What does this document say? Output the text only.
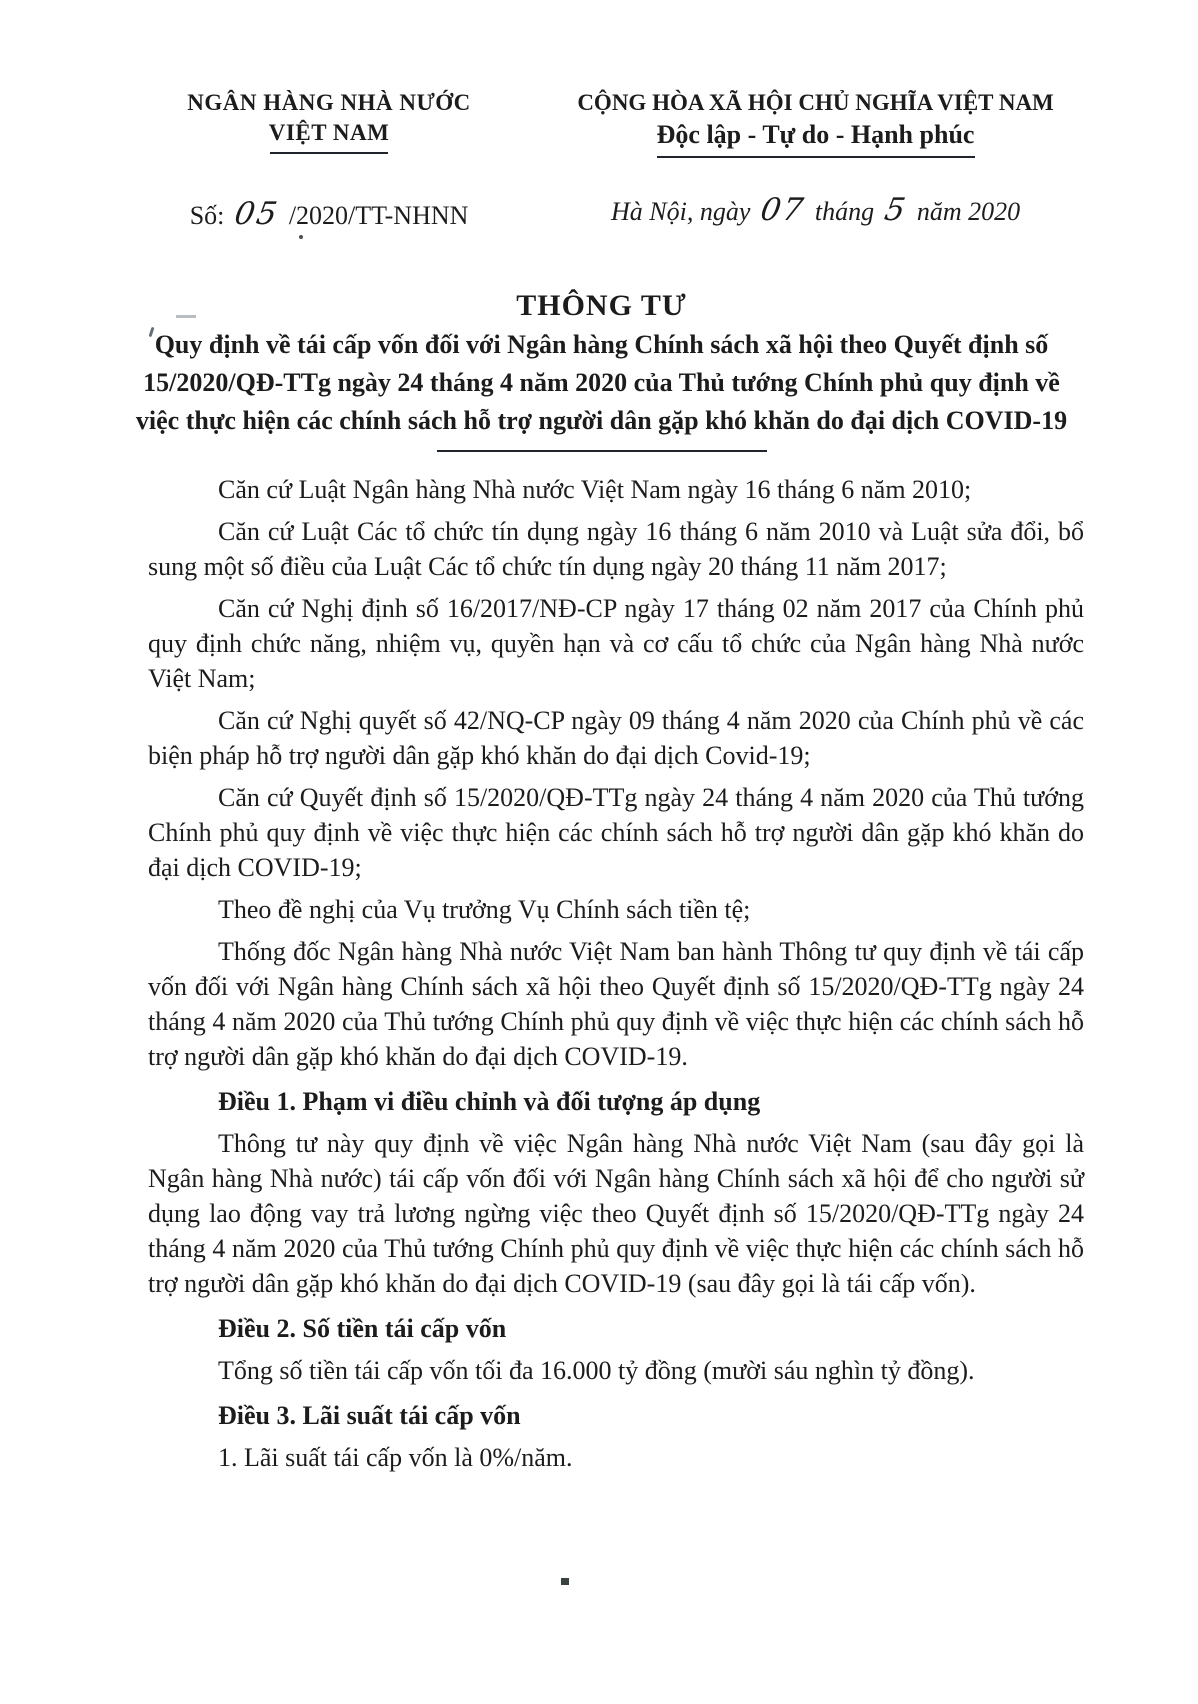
NGÂN HÀNG NHÀ NƯỚC
VIỆT NAM
Số: 05 /2020/TT-NHNN
CỘNG HÒA XÃ HỘI CHỦ NGHĨA VIỆT NAM
Độc lập - Tự do - Hạnh phúc
Hà Nội, ngày 07 tháng 5 năm 2020
THÔNG TƯ
Quy định về tái cấp vốn đối với Ngân hàng Chính sách xã hội theo Quyết định số 15/2020/QĐ-TTg ngày 24 tháng 4 năm 2020 của Thủ tướng Chính phủ quy định về việc thực hiện các chính sách hỗ trợ người dân gặp khó khăn do đại dịch COVID-19

Căn cứ Luật Ngân hàng Nhà nước Việt Nam ngày 16 tháng 6 năm 2010;

Căn cứ Luật Các tổ chức tín dụng ngày 16 tháng 6 năm 2010 và Luật sửa đổi, bổ sung một số điều của Luật Các tổ chức tín dụng ngày 20 tháng 11 năm 2017;

Căn cứ Nghị định số 16/2017/NĐ-CP ngày 17 tháng 02 năm 2017 của Chính phủ quy định chức năng, nhiệm vụ, quyền hạn và cơ cấu tổ chức của Ngân hàng Nhà nước Việt Nam;

Căn cứ Nghị quyết số 42/NQ-CP ngày 09 tháng 4 năm 2020 của Chính phủ về các biện pháp hỗ trợ người dân gặp khó khăn do đại dịch Covid-19;

Căn cứ Quyết định số 15/2020/QĐ-TTg ngày 24 tháng 4 năm 2020 của Thủ tướng Chính phủ quy định về việc thực hiện các chính sách hỗ trợ người dân gặp khó khăn do đại dịch COVID-19;

Theo đề nghị của Vụ trưởng Vụ Chính sách tiền tệ;

Thống đốc Ngân hàng Nhà nước Việt Nam ban hành Thông tư quy định về tái cấp vốn đối với Ngân hàng Chính sách xã hội theo Quyết định số 15/2020/QĐ-TTg ngày 24 tháng 4 năm 2020 của Thủ tướng Chính phủ quy định về việc thực hiện các chính sách hỗ trợ người dân gặp khó khăn do đại dịch COVID-19.

Điều 1. Phạm vi điều chỉnh và đối tượng áp dụng

Thông tư này quy định về việc Ngân hàng Nhà nước Việt Nam (sau đây gọi là Ngân hàng Nhà nước) tái cấp vốn đối với Ngân hàng Chính sách xã hội để cho người sử dụng lao động vay trả lương ngừng việc theo Quyết định số 15/2020/QĐ-TTg ngày 24 tháng 4 năm 2020 của Thủ tướng Chính phủ quy định về việc thực hiện các chính sách hỗ trợ người dân gặp khó khăn do đại dịch COVID-19 (sau đây gọi là tái cấp vốn).

Điều 2. Số tiền tái cấp vốn

Tổng số tiền tái cấp vốn tối đa 16.000 tỷ đồng (mười sáu nghìn tỷ đồng).

Điều 3. Lãi suất tái cấp vốn

1. Lãi suất tái cấp vốn là 0%/năm.
